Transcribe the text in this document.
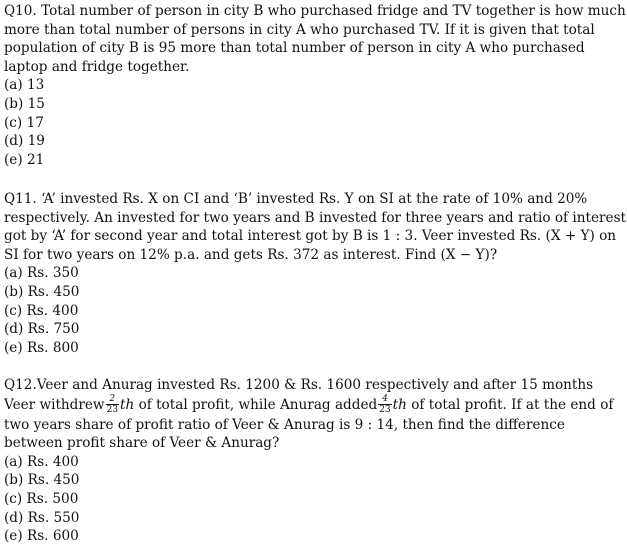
Q10. Total number of person in city B who purchased fridge and TV together is how much more than total number of persons in city A who purchased TV. If it is given that total population of city B is 95 more than total number of person in city A who purchased laptop and fridge together.

(a) 13
(b) 15
(c) 17
(d) 19
(e) 21

Q11. ‘A’ invested Rs. X on CI and ‘B’ invested Rs. Y on SI at the rate of 10% and 20% respectively. An invested for two years and B invested for three years and ratio of interest got by ‘A’ for second year and total interest got by B is 1 : 3. Veer invested Rs. (X + Y) on SI for two years on 12% p.a. and gets Rs. 372 as interest. Find (X − Y)?

(a) Rs. 350
(b) Rs. 450
(c) Rs. 400
(d) Rs. 750
(e) Rs. 800

Q12.Veer and Anurag invested Rs. 1200 & Rs. 1600 respectively and after 15 months Veer withdrew $\frac{2}{23}$ th of total profit, while Anurag added $\frac{4}{23}$ th of total profit. If at the end of two years share of profit ratio of Veer & Anurag is 9 : 14, then find the difference between profit share of Veer & Anurag?

(a) Rs. 400
(b) Rs. 450
(c) Rs. 500
(d) Rs. 550
(e) Rs. 600
